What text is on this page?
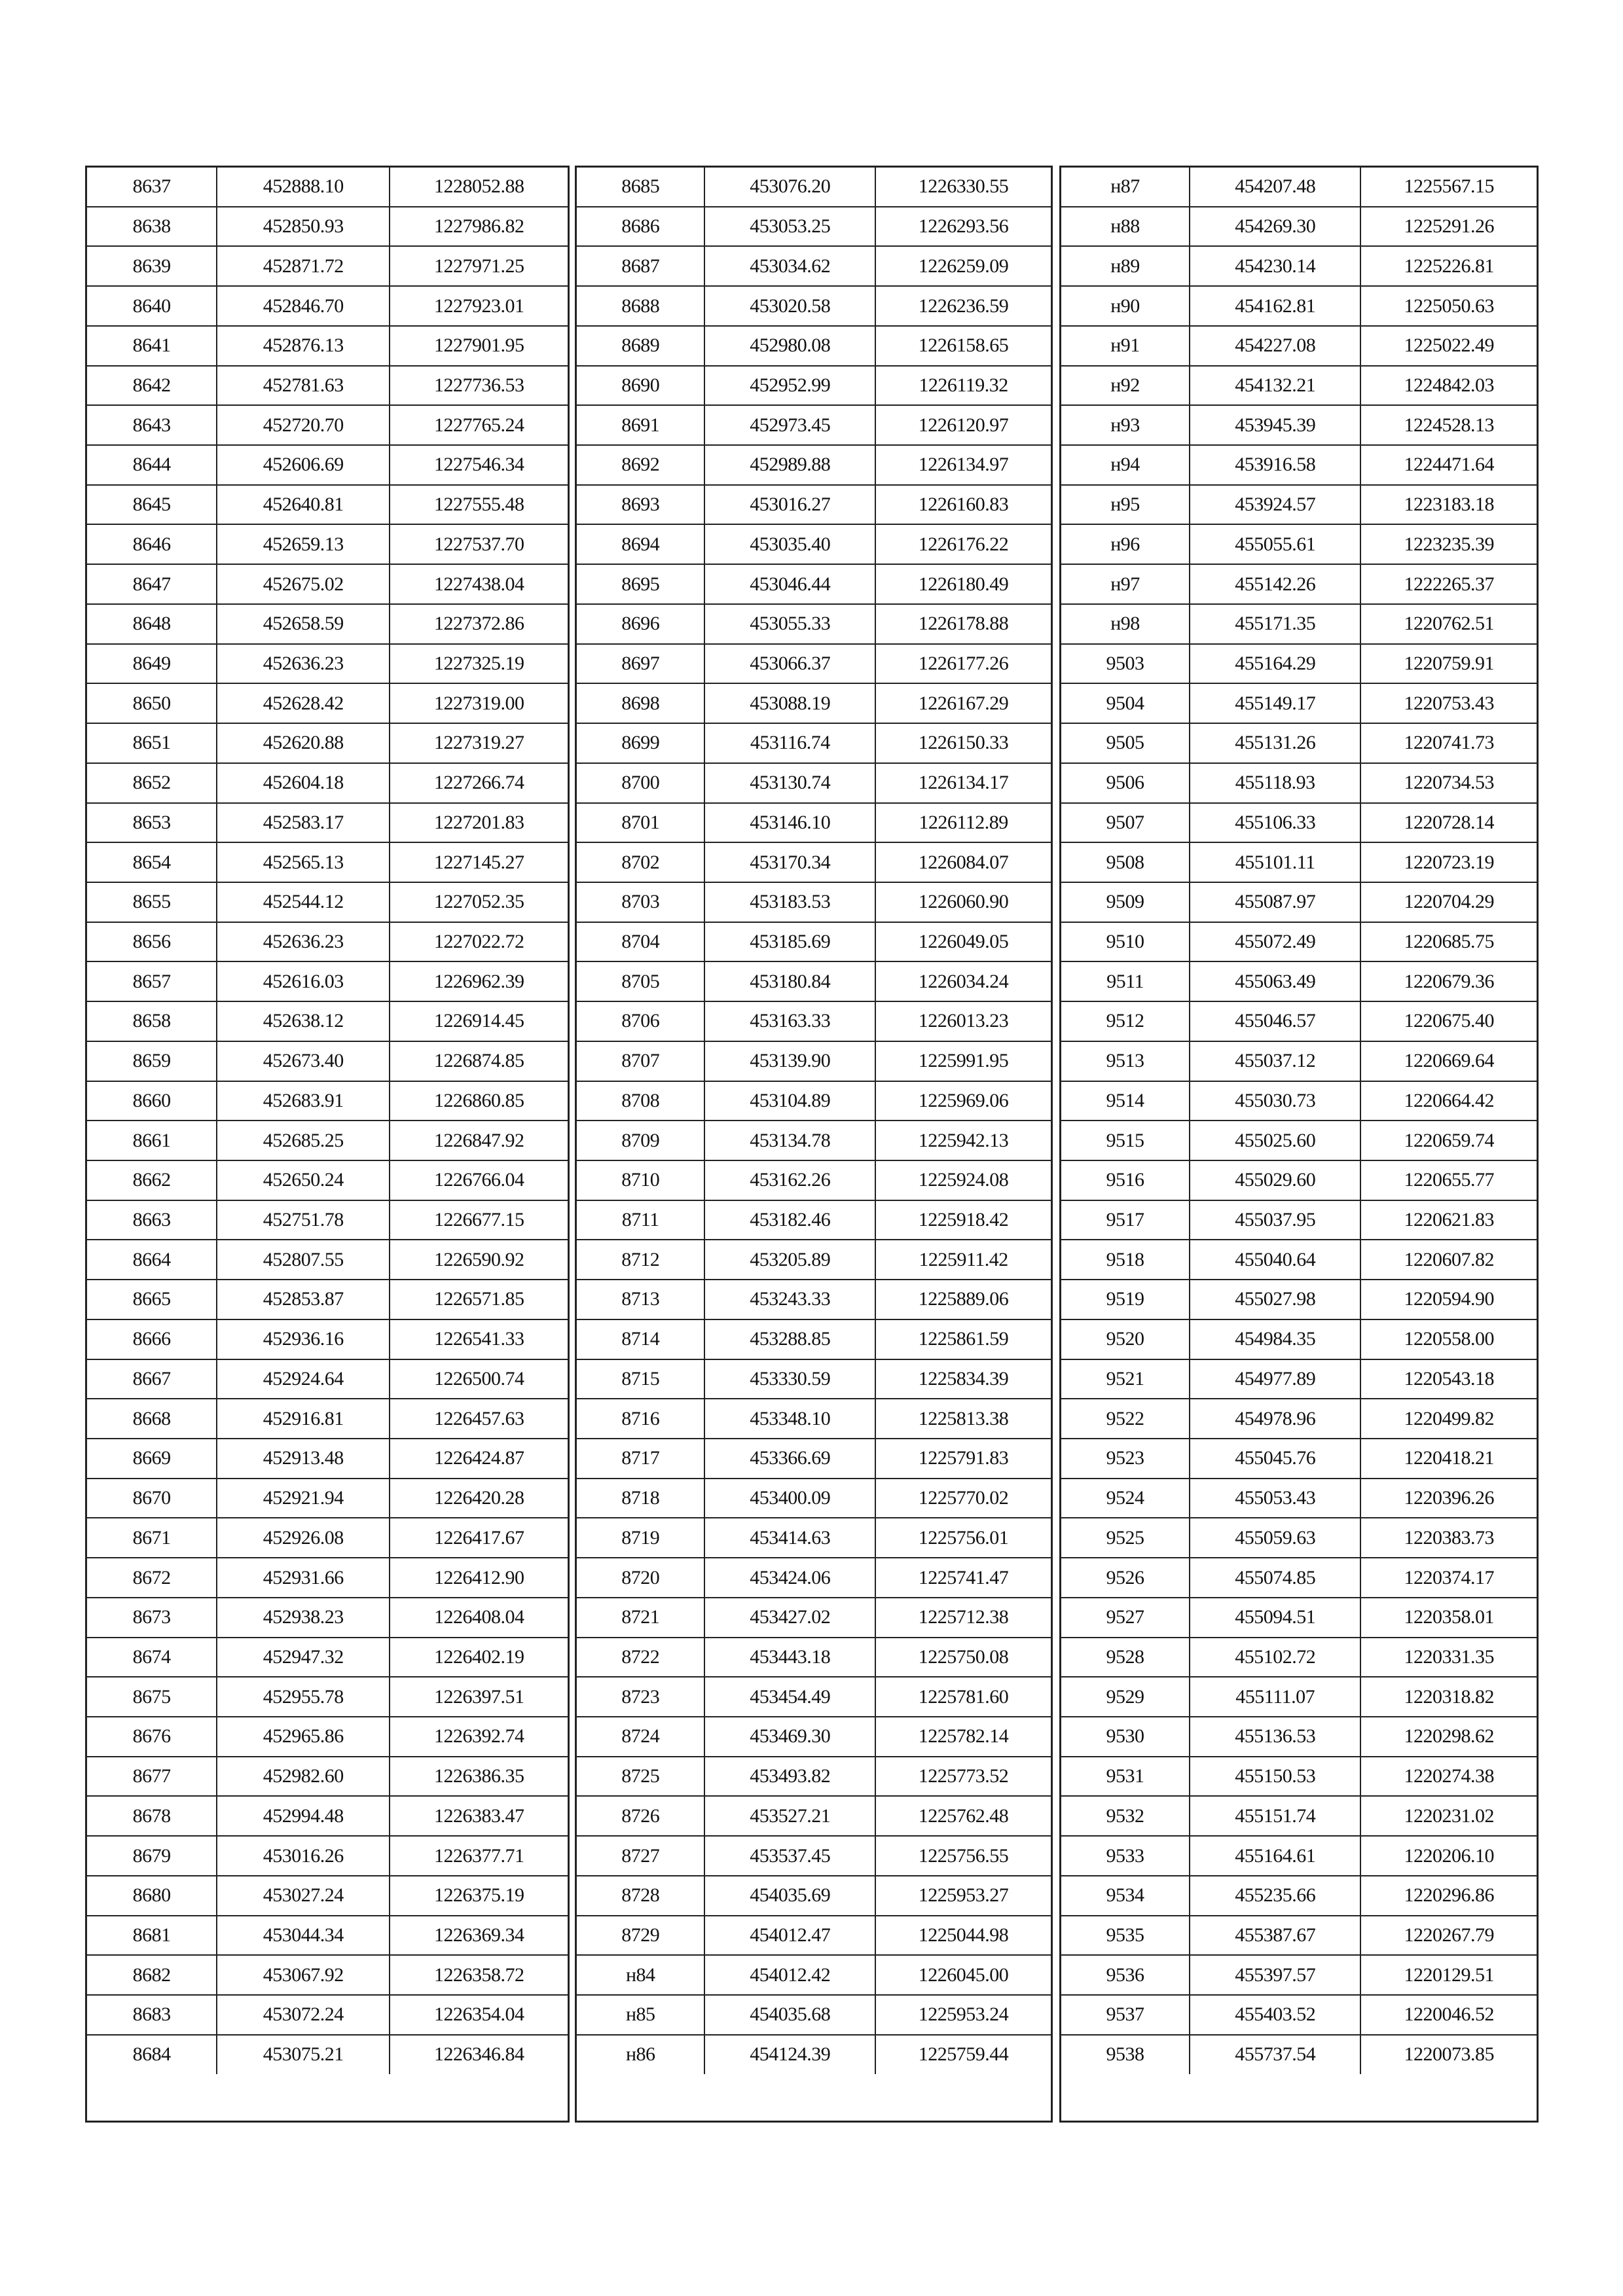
8637	452888.10	1228052.88
8638	452850.93	1227986.82
8639	452871.72	1227971.25
8640	452846.70	1227923.01
8641	452876.13	1227901.95
8642	452781.63	1227736.53
8643	452720.70	1227765.24
8644	452606.69	1227546.34
8645	452640.81	1227555.48
8646	452659.13	1227537.70
8647	452675.02	1227438.04
8648	452658.59	1227372.86
8649	452636.23	1227325.19
8650	452628.42	1227319.00
8651	452620.88	1227319.27
8652	452604.18	1227266.74
8653	452583.17	1227201.83
8654	452565.13	1227145.27
8655	452544.12	1227052.35
8656	452636.23	1227022.72
8657	452616.03	1226962.39
8658	452638.12	1226914.45
8659	452673.40	1226874.85
8660	452683.91	1226860.85
8661	452685.25	1226847.92
8662	452650.24	1226766.04
8663	452751.78	1226677.15
8664	452807.55	1226590.92
8665	452853.87	1226571.85
8666	452936.16	1226541.33
8667	452924.64	1226500.74
8668	452916.81	1226457.63
8669	452913.48	1226424.87
8670	452921.94	1226420.28
8671	452926.08	1226417.67
8672	452931.66	1226412.90
8673	452938.23	1226408.04
8674	452947.32	1226402.19
8675	452955.78	1226397.51
8676	452965.86	1226392.74
8677	452982.60	1226386.35
8678	452994.48	1226383.47
8679	453016.26	1226377.71
8680	453027.24	1226375.19
8681	453044.34	1226369.34
8682	453067.92	1226358.72
8683	453072.24	1226354.04
8684	453075.21	1226346.84
8685	453076.20	1226330.55
8686	453053.25	1226293.56
8687	453034.62	1226259.09
8688	453020.58	1226236.59
8689	452980.08	1226158.65
8690	452952.99	1226119.32
8691	452973.45	1226120.97
8692	452989.88	1226134.97
8693	453016.27	1226160.83
8694	453035.40	1226176.22
8695	453046.44	1226180.49
8696	453055.33	1226178.88
8697	453066.37	1226177.26
8698	453088.19	1226167.29
8699	453116.74	1226150.33
8700	453130.74	1226134.17
8701	453146.10	1226112.89
8702	453170.34	1226084.07
8703	453183.53	1226060.90
8704	453185.69	1226049.05
8705	453180.84	1226034.24
8706	453163.33	1226013.23
8707	453139.90	1225991.95
8708	453104.89	1225969.06
8709	453134.78	1225942.13
8710	453162.26	1225924.08
8711	453182.46	1225918.42
8712	453205.89	1225911.42
8713	453243.33	1225889.06
8714	453288.85	1225861.59
8715	453330.59	1225834.39
8716	453348.10	1225813.38
8717	453366.69	1225791.83
8718	453400.09	1225770.02
8719	453414.63	1225756.01
8720	453424.06	1225741.47
8721	453427.02	1225712.38
8722	453443.18	1225750.08
8723	453454.49	1225781.60
8724	453469.30	1225782.14
8725	453493.82	1225773.52
8726	453527.21	1225762.48
8727	453537.45	1225756.55
8728	454035.69	1225953.27
8729	454012.47	1225044.98
н84	454012.42	1226045.00
н85	454035.68	1225953.24
н86	454124.39	1225759.44
н87	454207.48	1225567.15
н88	454269.30	1225291.26
н89	454230.14	1225226.81
н90	454162.81	1225050.63
н91	454227.08	1225022.49
н92	454132.21	1224842.03
н93	453945.39	1224528.13
н94	453916.58	1224471.64
н95	453924.57	1223183.18
н96	455055.61	1223235.39
н97	455142.26	1222265.37
н98	455171.35	1220762.51
9503	455164.29	1220759.91
9504	455149.17	1220753.43
9505	455131.26	1220741.73
9506	455118.93	1220734.53
9507	455106.33	1220728.14
9508	455101.11	1220723.19
9509	455087.97	1220704.29
9510	455072.49	1220685.75
9511	455063.49	1220679.36
9512	455046.57	1220675.40
9513	455037.12	1220669.64
9514	455030.73	1220664.42
9515	455025.60	1220659.74
9516	455029.60	1220655.77
9517	455037.95	1220621.83
9518	455040.64	1220607.82
9519	455027.98	1220594.90
9520	454984.35	1220558.00
9521	454977.89	1220543.18
9522	454978.96	1220499.82
9523	455045.76	1220418.21
9524	455053.43	1220396.26
9525	455059.63	1220383.73
9526	455074.85	1220374.17
9527	455094.51	1220358.01
9528	455102.72	1220331.35
9529	455111.07	1220318.82
9530	455136.53	1220298.62
9531	455150.53	1220274.38
9532	455151.74	1220231.02
9533	455164.61	1220206.10
9534	455235.66	1220296.86
9535	455387.67	1220267.79
9536	455397.57	1220129.51
9537	455403.52	1220046.52
9538	455737.54	1220073.85
